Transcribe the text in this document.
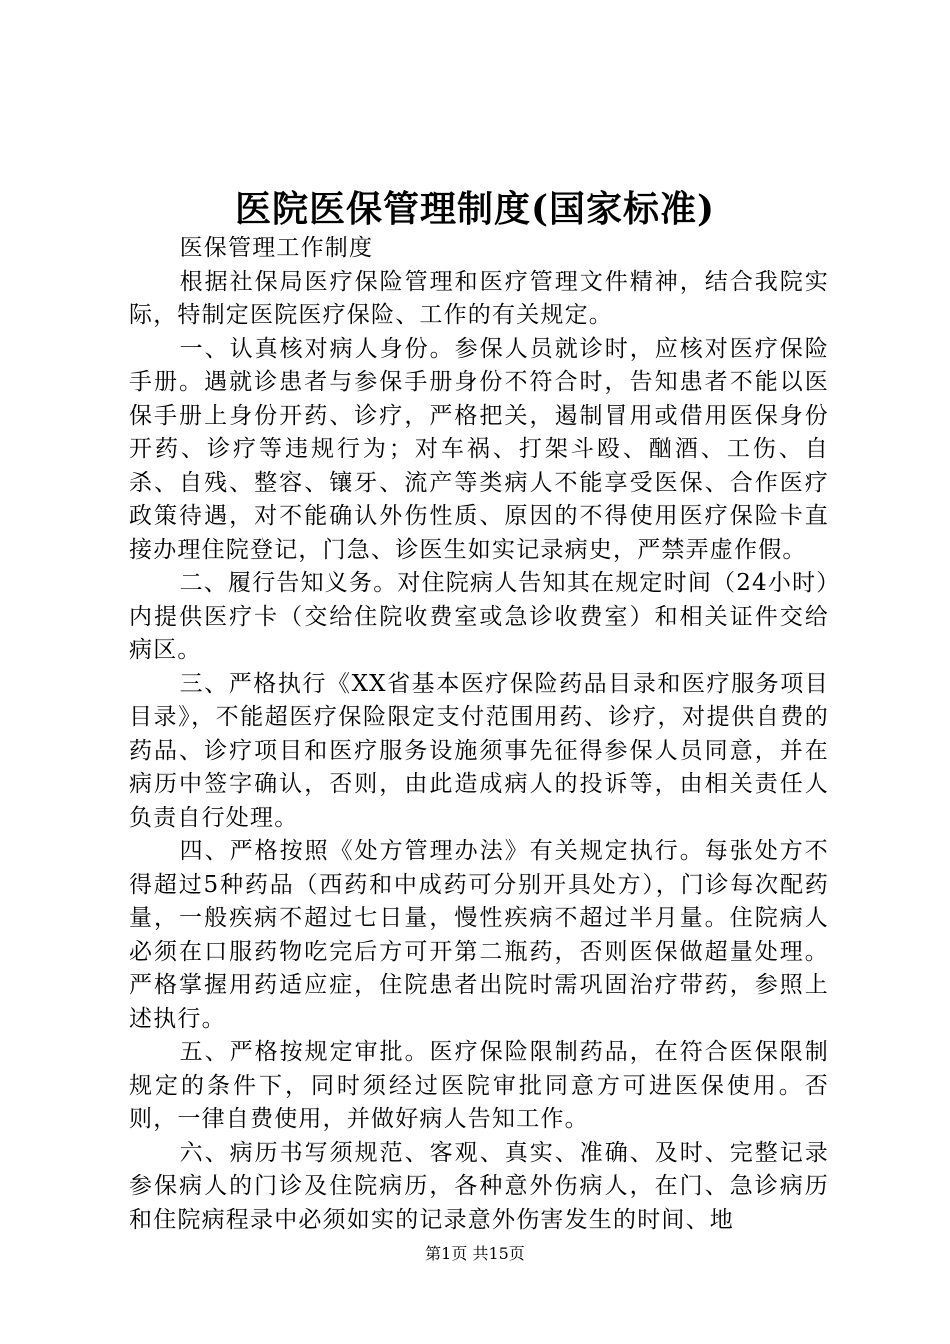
医院医保管理制度(国家标准)

医保管理工作制度

根据社保局医疗保险管理和医疗管理文件精神，结合我院实际，特制定医院医疗保险、工作的有关规定。

一、认真核对病人身份。参保人员就诊时，应核对医疗保险手册。遇就诊患者与参保手册身份不符合时，告知患者不能以医保手册上身份开药、诊疗，严格把关，遏制冒用或借用医保身份开药、诊疗等违规行为；对车祸、打架斗殴、酗酒、工伤、自杀、自残、整容、镶牙、流产等类病人不能享受医保、合作医疗政策待遇，对不能确认外伤性质、原因的不得使用医疗保险卡直接办理住院登记，门急、诊医生如实记录病史，严禁弄虚作假。

二、履行告知义务。对住院病人告知其在规定时间（24小时）内提供医疗卡（交给住院收费室或急诊收费室）和相关证件交给病区。

三、严格执行《XX省基本医疗保险药品目录和医疗服务项目目录》，不能超医疗保险限定支付范围用药、诊疗，对提供自费的药品、诊疗项目和医疗服务设施须事先征得参保人员同意，并在病历中签字确认，否则，由此造成病人的投诉等，由相关责任人负责自行处理。

四、严格按照《处方管理办法》有关规定执行。每张处方不得超过5种药品（西药和中成药可分别开具处方），门诊每次配药量，一般疾病不超过七日量，慢性疾病不超过半月量。住院病人必须在口服药物吃完后方可开第二瓶药，否则医保做超量处理。严格掌握用药适应症，住院患者出院时需巩固治疗带药，参照上述执行。

五、严格按规定审批。医疗保险限制药品，在符合医保限制规定的条件下，同时须经过医院审批同意方可进医保使用。否则，一律自费使用，并做好病人告知工作。

六、病历书写须规范、客观、真实、准确、及时、完整记录参保病人的门诊及住院病历，各种意外伤病人，在门、急诊病历和住院病程录中必须如实的记录意外伤害发生的时间、地

第1页 共15页
